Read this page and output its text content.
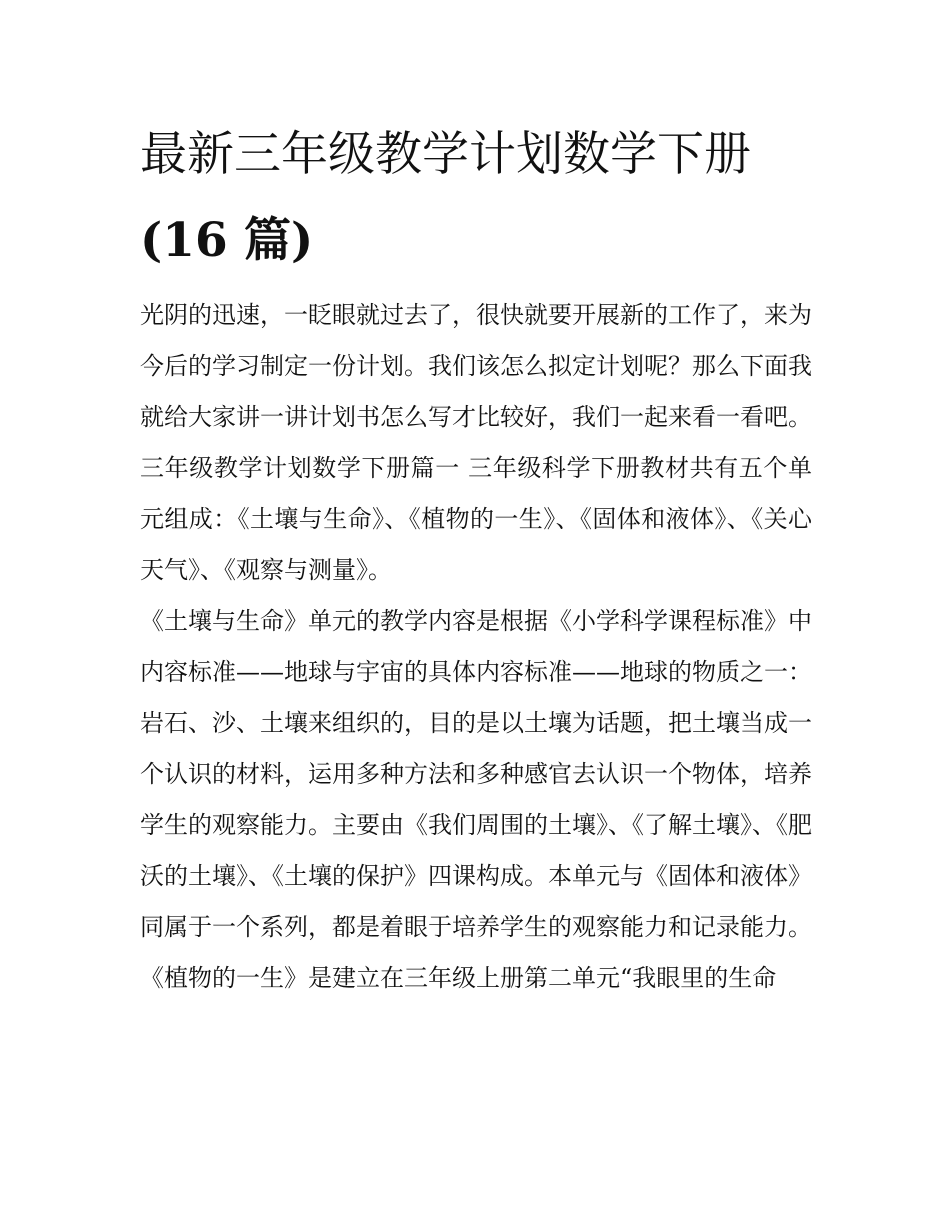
最新三年级教学计划数学下册
(16 篇)

光阴的迅速，一眨眼就过去了，很快就要开展新的工作了，来为今后的学习制定一份计划。我们该怎么拟定计划呢？那么下面我就给大家讲一讲计划书怎么写才比较好，我们一起来看一看吧。

三年级教学计划数学下册篇一 三年级科学下册教材共有五个单元组成：《土壤与生命》、《植物的一生》、《固体和液体》、《关心天气》、《观察与测量》。

《土壤与生命》单元的教学内容是根据《小学科学课程标准》中内容标准——地球与宇宙的具体内容标准——地球的物质之一：岩石、沙、土壤来组织的，目的是以土壤为话题，把土壤当成一个认识的材料，运用多种方法和多种感官去认识一个物体，培养学生的观察能力。主要由《我们周围的土壤》、《了解土壤》、《肥沃的土壤》、《土壤的保护》四课构成。本单元与《固体和液体》同属于一个系列，都是着眼于培养学生的观察能力和记录能力。

《植物的一生》是建立在三年级上册第二单元“我眼里的生命
